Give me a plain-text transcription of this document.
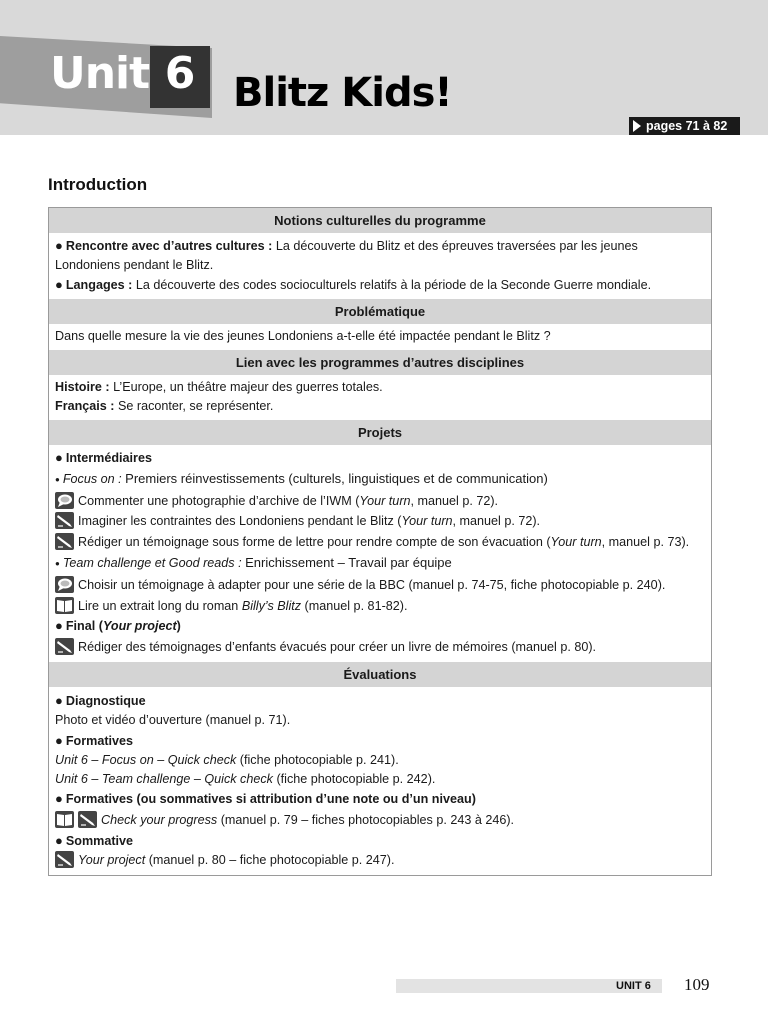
Unit 6 Blitz Kids!
pages 71 à 82
Introduction
Notions culturelles du programme
● Rencontre avec d’autres cultures : La découverte du Blitz et des épreuves traversées par les jeunes Londoniens pendant le Blitz.
● Langages : La découverte des codes socioculturels relatifs à la période de la Seconde Guerre mondiale.
Problématique
Dans quelle mesure la vie des jeunes Londoniens a-t-elle été impactée pendant le Blitz ?
Lien avec les programmes d’autres disciplines
Histoire : L’Europe, un théâtre majeur des guerres totales.
Français : Se raconter, se représenter.
Projets
● Intermédiaires
● Focus on : Premiers réinvestissements (culturels, linguistiques et de communication)
Commenter une photographie d’archive de l’IWM (Your turn, manuel p. 72).
Imaginer les contraintes des Londoniens pendant le Blitz (Your turn, manuel p. 72).
Rédiger un témoignage sous forme de lettre pour rendre compte de son évacuation (Your turn, manuel p. 73).
● Team challenge et Good reads : Enrichissement – Travail par équipe
Choisir un témoignage à adapter pour une série de la BBC (manuel p. 74-75, fiche photocopiable p. 240).
Lire un extrait long du roman Billy’s Blitz (manuel p. 81-82).
● Final (Your project)
Rédiger des témoignages d’enfants évacués pour créer un livre de mémoires (manuel p. 80).
Évaluations
● Diagnostique
Photo et vidéo d’ouverture (manuel p. 71).
● Formatives
Unit 6 – Focus on – Quick check (fiche photocopiable p. 241).
Unit 6 – Team challenge – Quick check (fiche photocopiable p. 242).
● Formatives (ou sommatives si attribution d’une note ou d’un niveau)
Check your progress (manuel p. 79 – fiches photocopiables p. 243 à 246).
● Sommative
Your project (manuel p. 80 – fiche photocopiable p. 247).
UNIT 6 109
